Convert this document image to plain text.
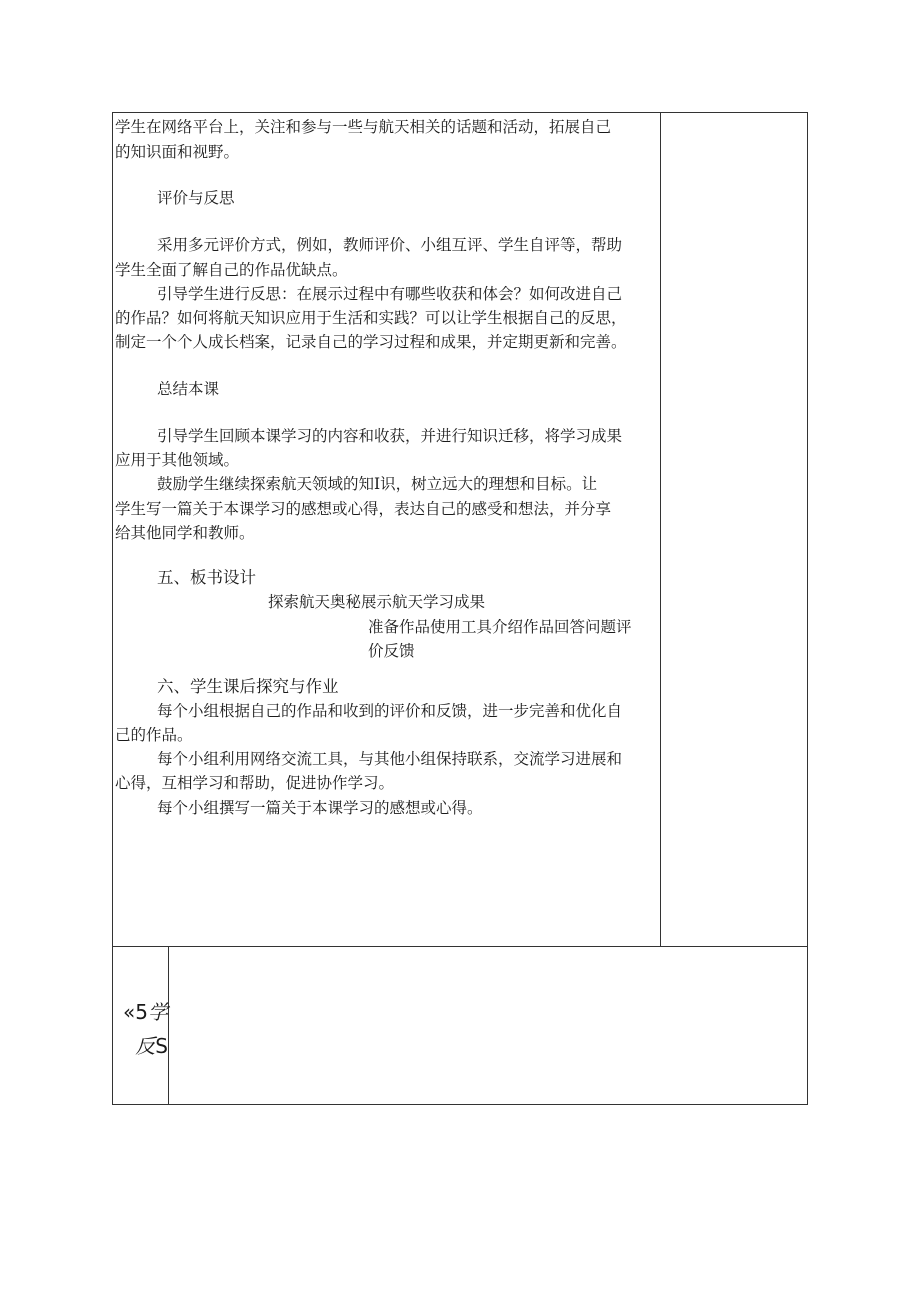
学生在网络平台上，关注和参与一些与航天相关的话题和活动，拓展自己
的知识面和视野。
评价与反思
采用多元评价方式，例如，教师评价、小组互评、学生自评等，帮助
学生全面了解自己的作品优缺点。
引导学生进行反思：在展示过程中有哪些收获和体会？如何改进自己
的作品？如何将航天知识应用于生活和实践？可以让学生根据自己的反思，
制定一个个人成长档案，记录自己的学习过程和成果，并定期更新和完善。
总结本课
引导学生回顾本课学习的内容和收获，并进行知识迁移，将学习成果
应用于其他领域。
鼓励学生继续探索航天领域的知Ⅰ识，树立远大的理想和目标。让
学生写一篇关于本课学习的感想或心得，表达自己的感受和想法，并分享
给其他同学和教师。
五、板书设计
探索航天奥秘展示航天学习成果
准备作品使用工具介绍作品回答问题评
价反馈
六、学生课后探究与作业
每个小组根据自己的作品和收到的评价和反馈，进一步完善和优化自
己的作品。
每个小组利用网络交流工具，与其他小组保持联系，交流学习进展和
心得，互相学习和帮助，促进协作学习。
每个小组撰写一篇关于本课学习的感想或心得。
«5学
反S
